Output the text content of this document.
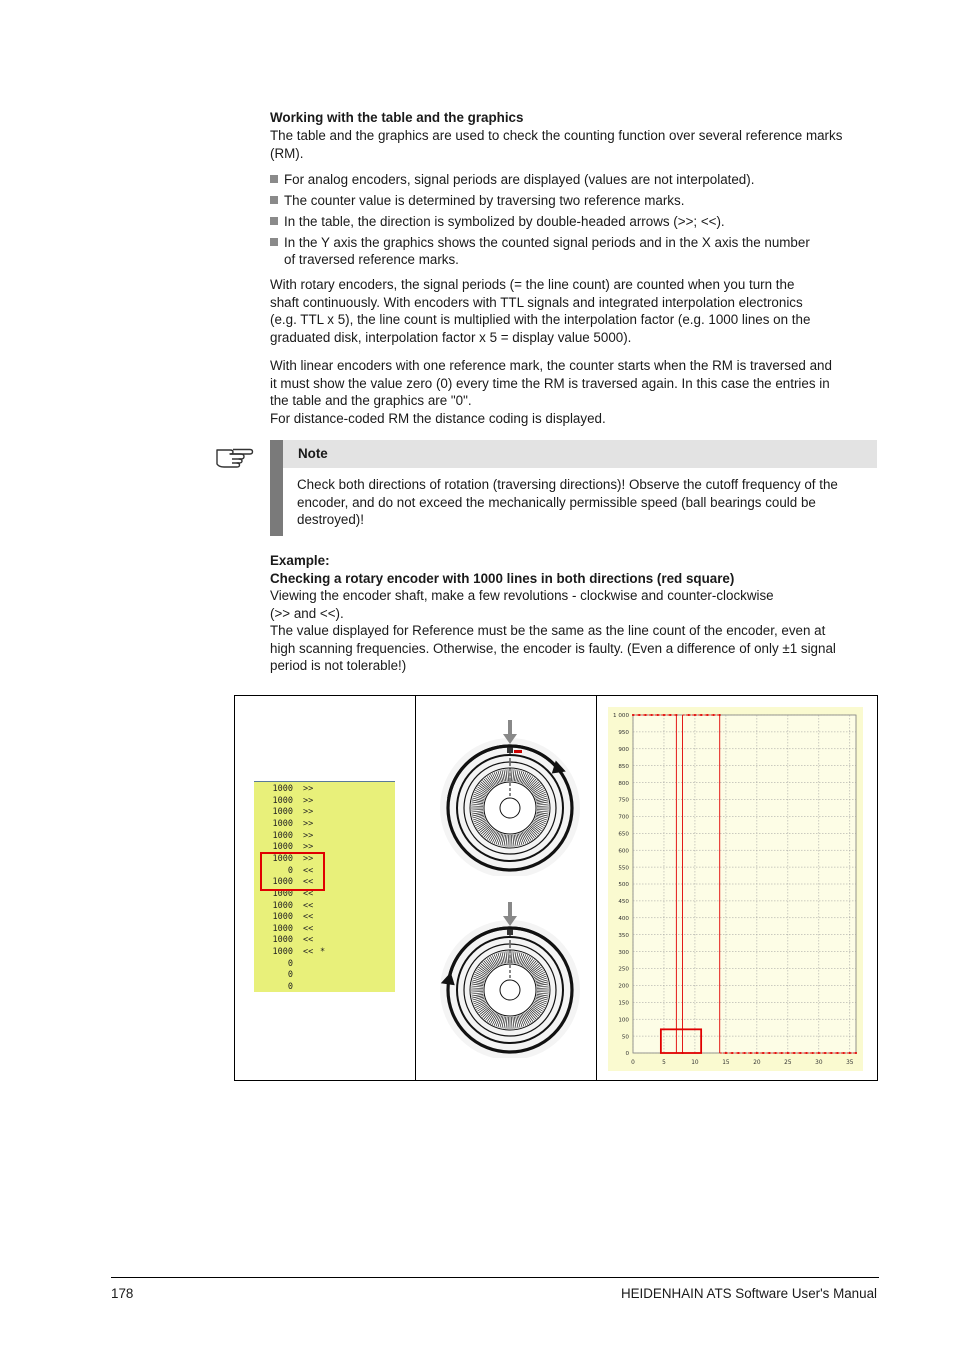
Working with the table and the graphics
The table and the graphics are used to check the counting function over several reference marks
(RM).
For analog encoders, signal periods are displayed (values are not interpolated).
The counter value is determined by traversing two reference marks.
In the table, the direction is symbolized by double-headed arrows (>>; <<).
In the Y axis the graphics shows the counted signal periods and in the X axis the number
of traversed reference marks.
With rotary encoders, the signal periods (= the line count) are counted when you turn the
shaft continuously. With encoders with TTL signals and integrated interpolation electronics
(e.g. TTL x 5), the line count is multiplied with the interpolation factor (e.g. 1000 lines on the
graduated disk, interpolation factor x 5 = display value 5000).
With linear encoders with one reference mark, the counter starts when the RM is traversed and
it must show the value zero (0) every time the RM is traversed again. In this case the entries in
the table and the graphics are "0".
For distance-coded RM the distance coding is displayed.
Note
Check both directions of rotation (traversing directions)! Observe the cutoff frequency of the
encoder, and do not exceed the mechanically permissible speed (ball bearings could be
destroyed)!
Example:
Checking a rotary encoder with 1000 lines in both directions (red square)
Viewing the encoder shaft, make a few revolutions - clockwise and counter-clockwise
(>> and <<).
The value displayed for Reference must be the same as the line count of the encoder, even at
high scanning frequencies. Otherwise, the encoder is faulty. (Even a difference of only ±1 signal
period is not tolerable!)
1000 >>
1000 >>
1000 >>
1000 >>
1000 >>
1000 >>
1000 >>
0 <<
1000 <<
1000 <<
1000 <<
1000 <<
1000 <<
1000 <<
1000 << *
0
0
0
0
50
100
150
200
250
300
350
400
450
500
550
600
650
700
750
800
850
900
950
1 000
0	5	10	15	20	25	30	35
178	HEIDENHAIN ATS Software User's Manual
